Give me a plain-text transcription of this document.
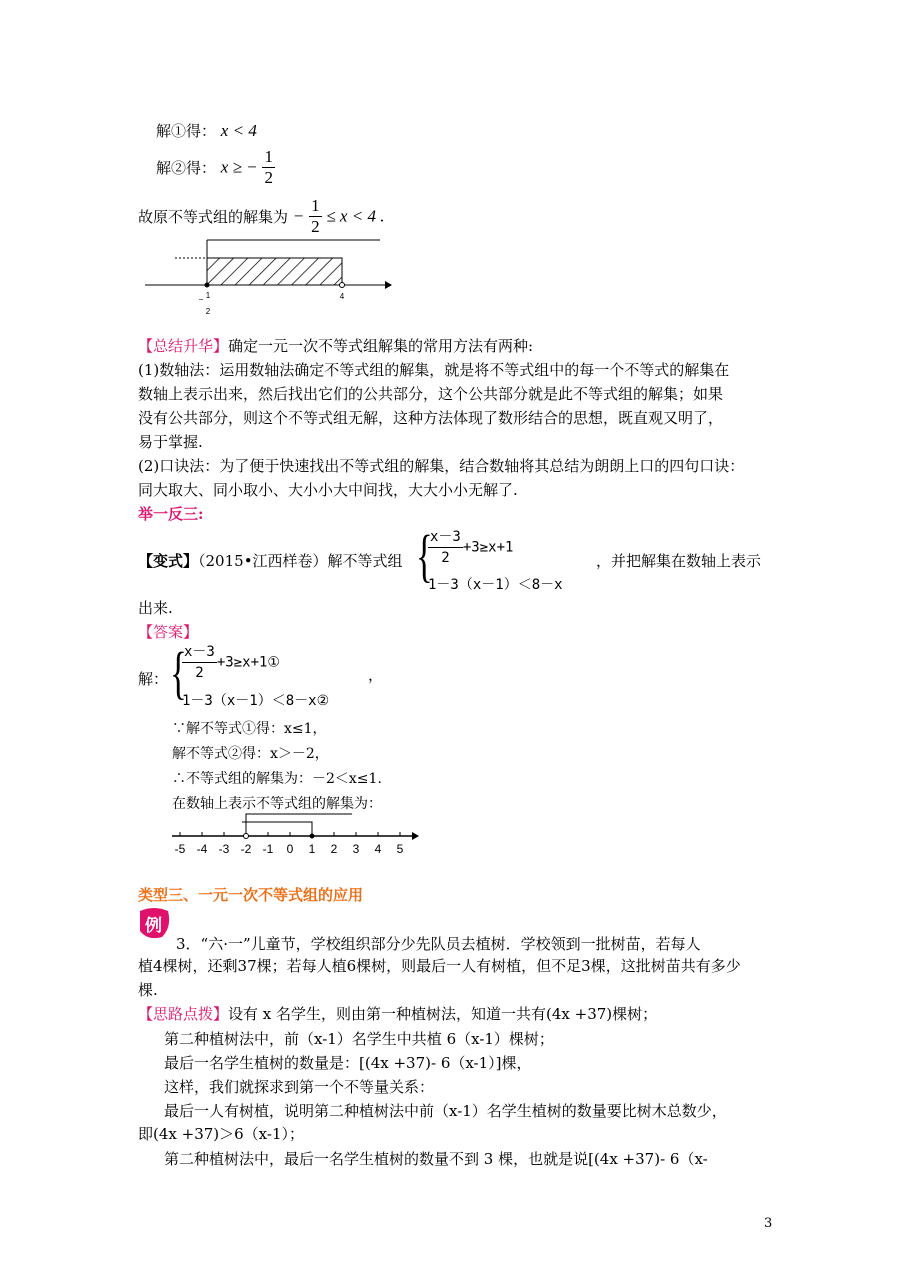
解①得： x < 4
解②得： x ≥ − $\frac{1}{2}$
故原不等式组的解集为 − $\frac{1}{2} \le x < 4$ .
1
−
2
4
【总结升华】确定一元一次不等式组解集的常用方法有两种:
(1)数轴法：运用数轴法确定不等式组的解集，就是将不等式组中的每一个不等式的解集在
数轴上表示出来，然后找出它们的公共部分，这个公共部分就是此不等式组的解集；如果
没有公共部分，则这个不等式组无解，这种方法体现了数形结合的思想，既直观又明了，
易于掌握.
(2)口诀法：为了便于快速找出不等式组的解集，结合数轴将其总结为朗朗上口的四句口诀：
同大取大、同小取小、大小小大中间找，大大小小无解了.
举一反三:
【变式】（2015•江西样卷）解不等式组 {
$\frac{x-3}{2} +3\ge x+1$
1－3（x－1）＜8－x
，并把解集在数轴上表示
出来.
【答案】
解： {
$\frac{x-3}{2}$ +3≥x+1①
1－3（x－1）＜8－x②
，
∵解不等式①得：x≤1，
解不等式②得：x＞－2，
∴不等式组的解集为：－2＜x≤1.
在数轴上表示不等式组的解集为：
-5 -4 -3 -2 -1 0 1 2 3 4 5
类型三、一元一次不等式组的应用
例
3．“六·一”儿童节，学校组织部分少先队员去植树．学校领到一批树苗，若每人
植4棵树，还剩37棵；若每人植6棵树，则最后一人有树植，但不足3棵，这批树苗共有多少
棵.
【思路点拨】设有 x 名学生，则由第一种植树法，知道一共有(4x +37)棵树；
第二种植树法中，前（x-1）名学生中共植 6（x-1）棵树；
最后一名学生植树的数量是：[(4x +37)- 6（x-1）]棵，
这样，我们就探求到第一个不等量关系：
最后一人有树植，说明第二种植树法中前（x-1）名学生植树的数量要比树木总数少，
即(4x +37)＞6（x-1）；
第二种植树法中，最后一名学生植树的数量不到 3 棵，也就是说[(4x +37)- 6（x-
3
